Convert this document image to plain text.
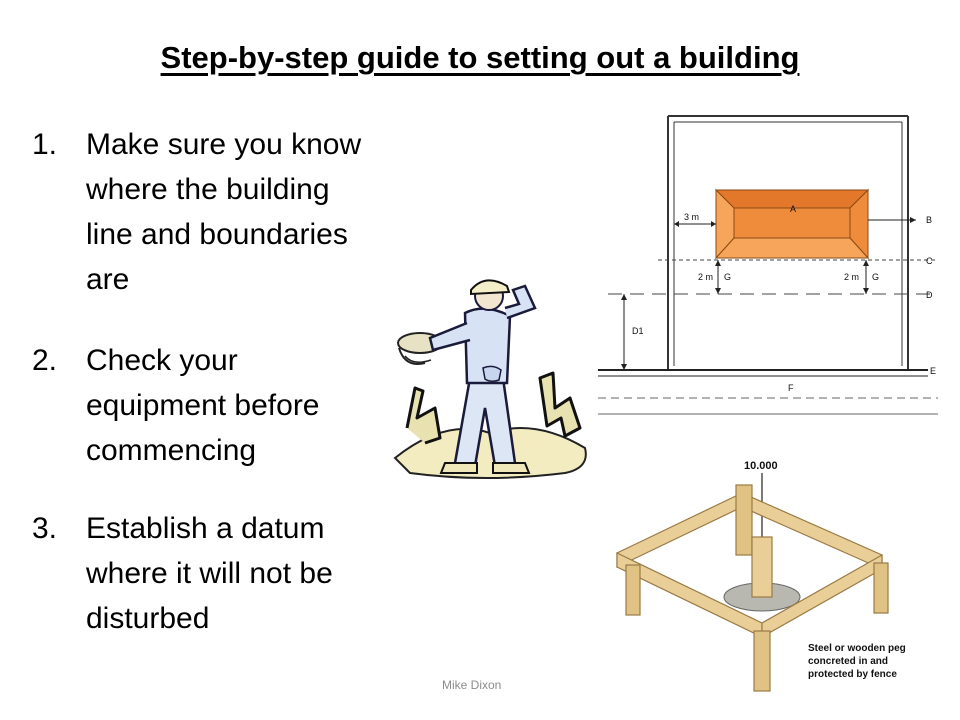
Step-by-step guide to setting out a building
1. Make sure you know
where the building
line and boundaries
are
2. Check your
equipment before
commencing
3. Establish a datum
where it will not be
disturbed
A
3 m	B
C
2 m G	2 m G
D
D1
E
F
10.000
Steel or wooden peg
concreted in and
protected by fence
Mike Dixon
